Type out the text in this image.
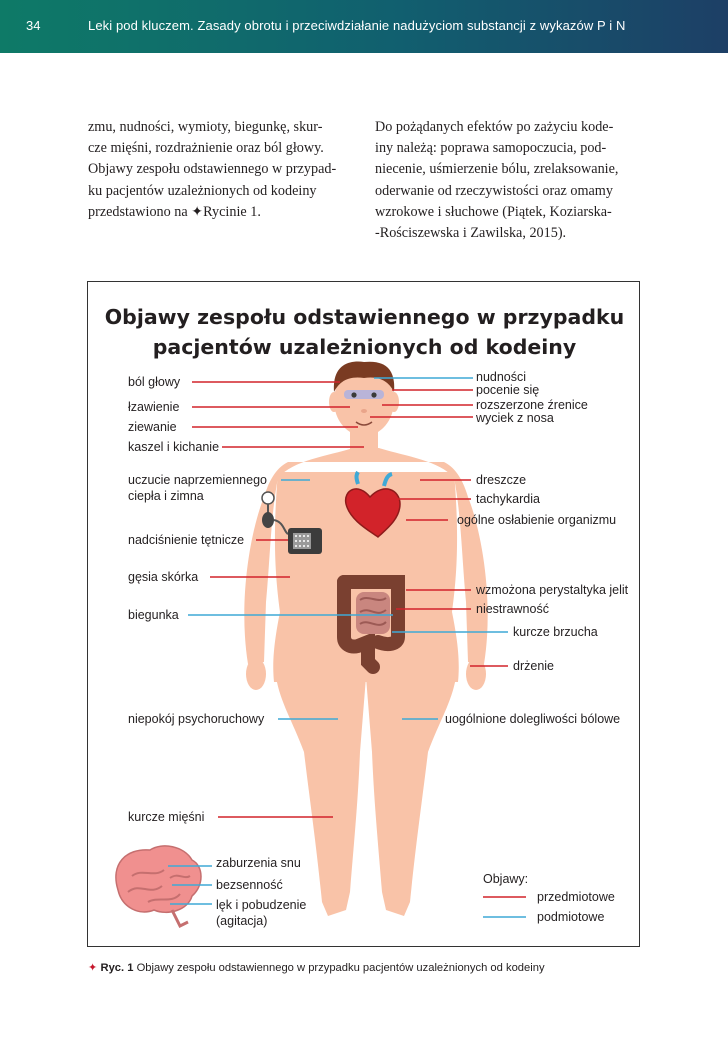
34	Leki pod kluczem. Zasady obrotu i przeciwdziałanie nadużyciom substancji z wykazów P i N

zmu, nudności, wymioty, biegunkę, skur-

cze mięśni, rozdrażnienie oraz ból głowy.

Objawy zespołu odstawiennego w przypad-

ku pacjentów uzależnionych od kodeiny

przedstawiono na ✦Rycinie 1.

Do pożądanych efektów po zażyciu kode-

iny należą: poprawa samopoczucia, pod-

niecenie, uśmierzenie bólu, zrelaksowanie,

oderwanie od rzeczywistości oraz omamy

wzrokowe i słuchowe (Piątek, Koziarska-

-Rościszewska i Zawilska, 2015).

Objawy zespołu odstawiennego w przypadku
pacjentów uzależnionych od kodeiny
ból głowy
łzawienie
ziewanie
kaszel i kichanie
uczucie naprzemiennego
ciepła i zimna
nadciśnienie tętnicze
gęsia skórka
biegunka
niepokój psychoruchowy
kurcze mięśni
nudności
pocenie się
rozszerzone źrenice
wyciek z nosa
dreszcze
tachykardia
ogólne osłabienie organizmu
wzmożona perystaltyka jelit
niestrawność
kurcze brzucha
drżenie
uogólnione dolegliwości bólowe
zaburzenia snu
bezsenność
lęk i pobudzenie
(agitacja)
Objawy:
przedmiotowe
podmiotowe
✦ Ryc. 1 Objawy zespołu odstawiennego w przypadku pacjentów uzależnionych od kodeiny
